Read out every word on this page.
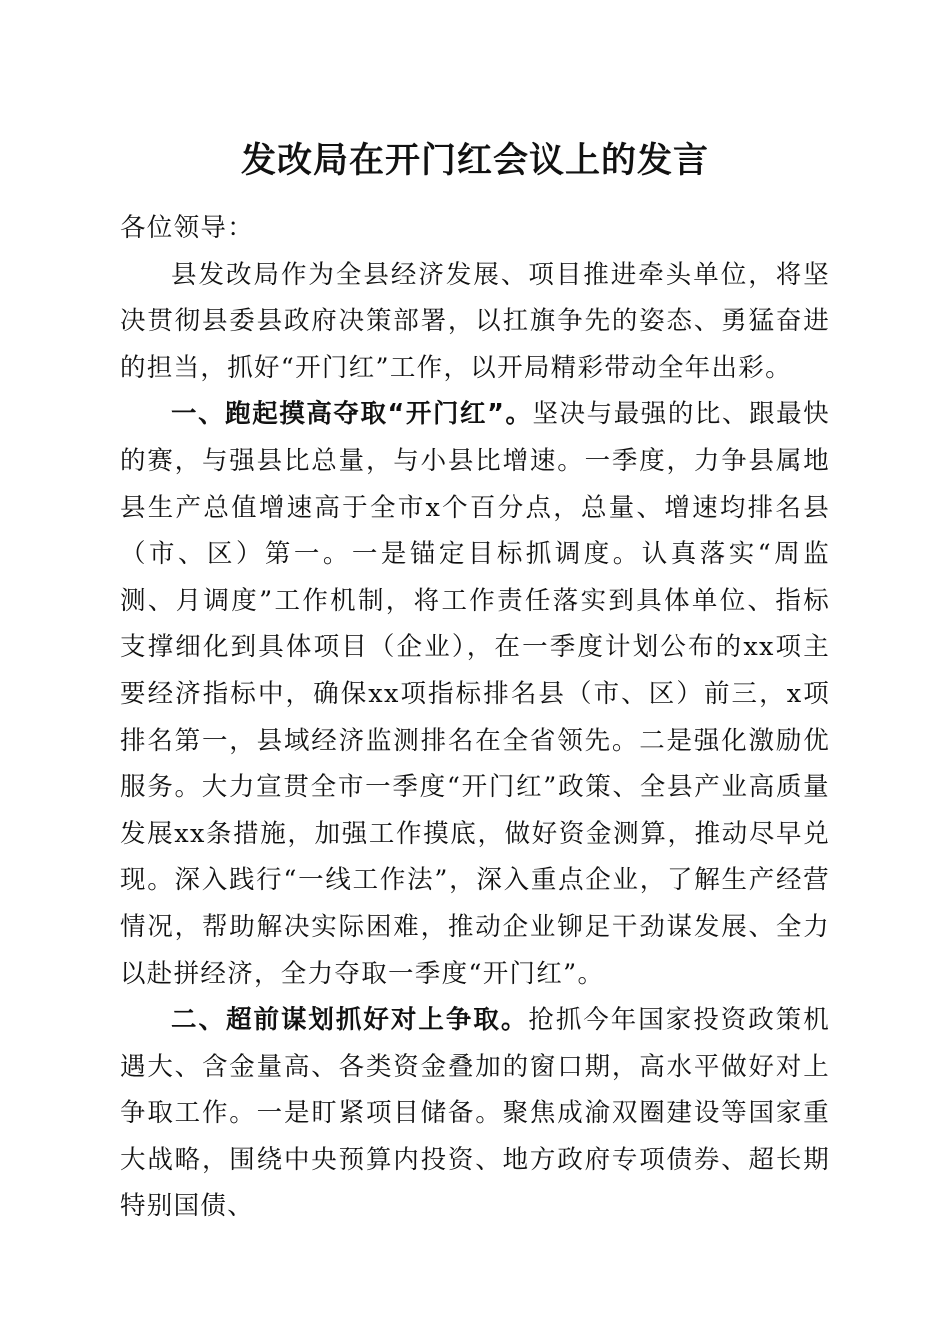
发改局在开门红会议上的发言

各位领导：

县发改局作为全县经济发展、项目推进牵头单位，将坚决贯彻县委县政府决策部署，以扛旗争先的姿态、勇猛奋进的担当，抓好“开门红”工作，以开局精彩带动全年出彩。

一、跑起摸高夺取“开门红”。坚决与最强的比、跟最快的赛，与强县比总量，与小县比增速。一季度，力争县属地县生产总值增速高于全市x个百分点，总量、增速均排名县（市、区）第一。一是锚定目标抓调度。认真落实“周监测、月调度”工作机制，将工作责任落实到具体单位、指标支撑细化到具体项目（企业），在一季度计划公布的xx项主要经济指标中，确保xx项指标排名县（市、区）前三，x项排名第一，县域经济监测排名在全省领先。二是强化激励优服务。大力宣贯全市一季度“开门红”政策、全县产业高质量发展xx条措施，加强工作摸底，做好资金测算，推动尽早兑现。深入践行“一线工作法”，深入重点企业，了解生产经营情况，帮助解决实际困难，推动企业铆足干劲谋发展、全力以赴拼经济，全力夺取一季度“开门红”。

二、超前谋划抓好对上争取。抢抓今年国家投资政策机遇大、含金量高、各类资金叠加的窗口期，高水平做好对上争取工作。一是盯紧项目储备。聚焦成渝双圈建设等国家重大战略，围绕中央预算内投资、地方政府专项债券、超长期特别国债、
